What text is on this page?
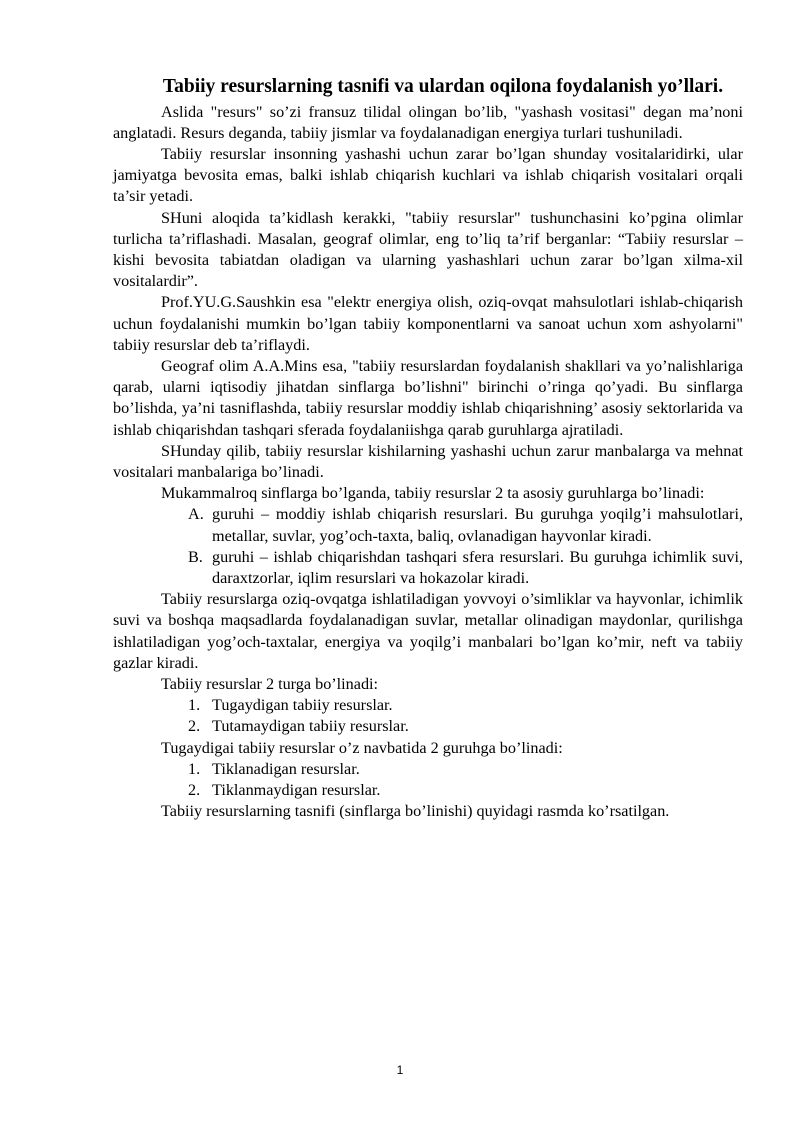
Tabiiy resurslarning tasnifi va ulardan oqilona foydalanish yo’llari.

Aslida "resurs" so’zi fransuz tilidal olingan bo’lib, "yashash vositasi" degan ma’noni anglatadi. Resurs deganda, tabiiy jismlar va foydalanadigan energiya turlari tushuniladi.

Tabiiy resurslar insonning yashashi uchun zarar bo’lgan shunday vositalaridirki, ular jamiyatga bevosita emas, balki ishlab chiqarish kuchlari va ishlab chiqarish vositalari orqali ta’sir yetadi.

SHuni aloqida ta’kidlash kerakki, "tabiiy resurslar" tushunchasini ko’pgina olimlar turlicha ta’riflashadi. Masalan, geograf olimlar, eng to’liq ta’rif berganlar: “Tabiiy resurslar – kishi bevosita tabiatdan oladigan va ularning yashashlari uchun zarar bo’lgan xilma-xil vositalardir”.

Prof.YU.G.Saushkin esa "elektr energiya olish, oziq-ovqat mahsulotlari ishlab-chiqarish uchun foydalanishi mumkin bo’lgan tabiiy komponentlarni va sanoat uchun xom ashyolarni" tabiiy resurslar deb ta’riflaydi.

Geograf olim A.A.Mins esa, "tabiiy resurslardan foydalanish shakllari va yo’nalishlariga qarab, ularni iqtisodiy jihatdan sinflarga bo’lishni" birinchi o’ringa qo’yadi. Bu sinflarga bo’lishda, ya’ni tasniflashda, tabiiy resurslar moddiy ishlab chiqarishning’ asosiy sektorlarida va ishlab chiqarishdan tashqari sferada foydalaniishga qarab guruhlarga ajratiladi.

SHunday qilib, tabiiy resurslar kishilarning yashashi uchun zarur manbalarga va mehnat vositalari manbalariga bo’linadi.

Mukammalroq sinflarga bo’lganda, tabiiy resurslar 2 ta asosiy guruhlarga bo’linadi:

A. guruhi – moddiy ishlab chiqarish resurslari. Bu guruhga yoqilg’i mahsulotlari, metallar, suvlar, yog’och-taxta, baliq, ovlanadigan hayvonlar kiradi.
B. guruhi – ishlab chiqarishdan tashqari sfera resurslari. Bu guruhga ichimlik suvi, daraxtzorlar, iqlim resurslari va hokazolar kiradi.

Tabiiy resurslarga oziq-ovqatga ishlatiladigan yovvoyi o’simliklar va hayvonlar, ichimlik suvi va boshqa maqsadlarda foydalanadigan suvlar, metallar olinadigan maydonlar, qurilishga ishlatiladigan yog’och-taxtalar, energiya va yoqilg’i manbalari bo’lgan ko’mir, neft va tabiiy gazlar kiradi.

Tabiiy resurslar 2 turga bo’linadi:

1. Tugaydigan tabiiy resurslar.
2. Tutamaydigan tabiiy resurslar.

Tugaydigai tabiiy resurslar o’z navbatida 2 guruhga bo’linadi:

1. Tiklanadigan resurslar.
2. Tiklanmaydigan resurslar.

Tabiiy resurslarning tasnifi (sinflarga bo’linishi) quyidagi rasmda ko’rsatilgan.

1
